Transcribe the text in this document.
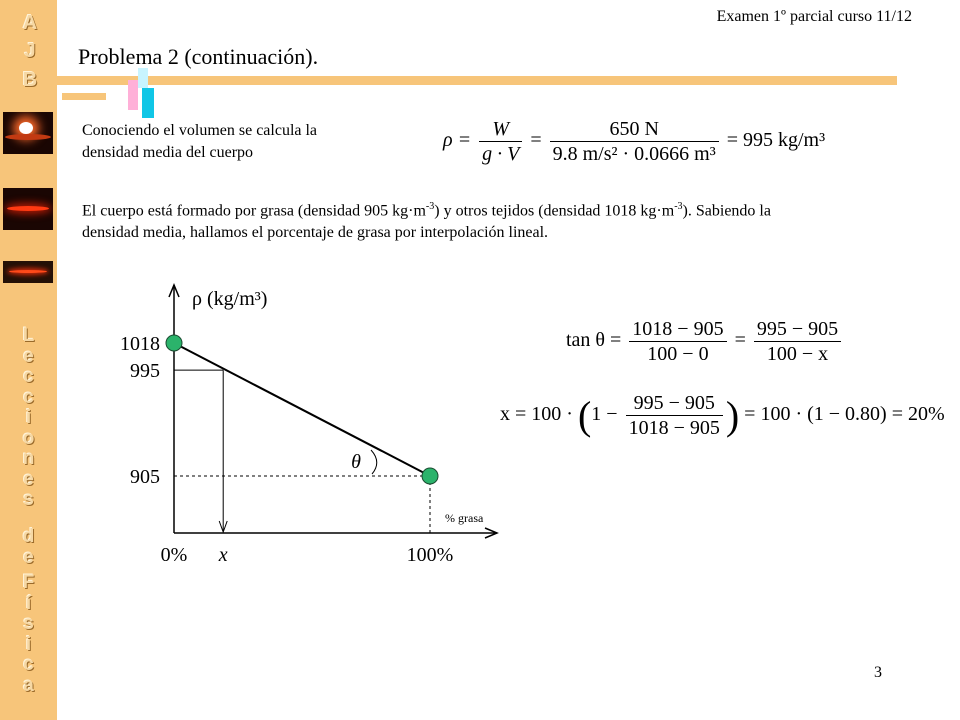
A
J
B
L
e
c
c
i
o
n
e
s
d
e
F
í
s
i
c
a
Examen 1º parcial curso 11/12
Problema 2 (continuación).
Conociendo el volumen se calcula la
densidad media del cuerpo
$\rho = \frac{W}{g \cdot V} = \frac{650 N}{\text{9.8 m/s² · 0.0666 m³}} = 995$ kg/m³
El cuerpo está formado por grasa (densidad 905 $kg\cdot m^{-3}$) y otros tejidos (densidad 1018 $kg\cdot m^{-3}$). Sabiendo la
densidad media, hallamos el porcentaje de grasa por interpolación lineal.
ρ (kg/m³)
θ
1018
995
905
0% x	100%
% grasa
$\tan \theta = \frac{1018 - 905}{100 - 0} = \frac{995 - 905}{100 - x}$
$x = 100 \cdot (1 - \frac{995 - 905}{1018 - 905}$ ) = 100 · (1 − 0.80) = 20%
3
